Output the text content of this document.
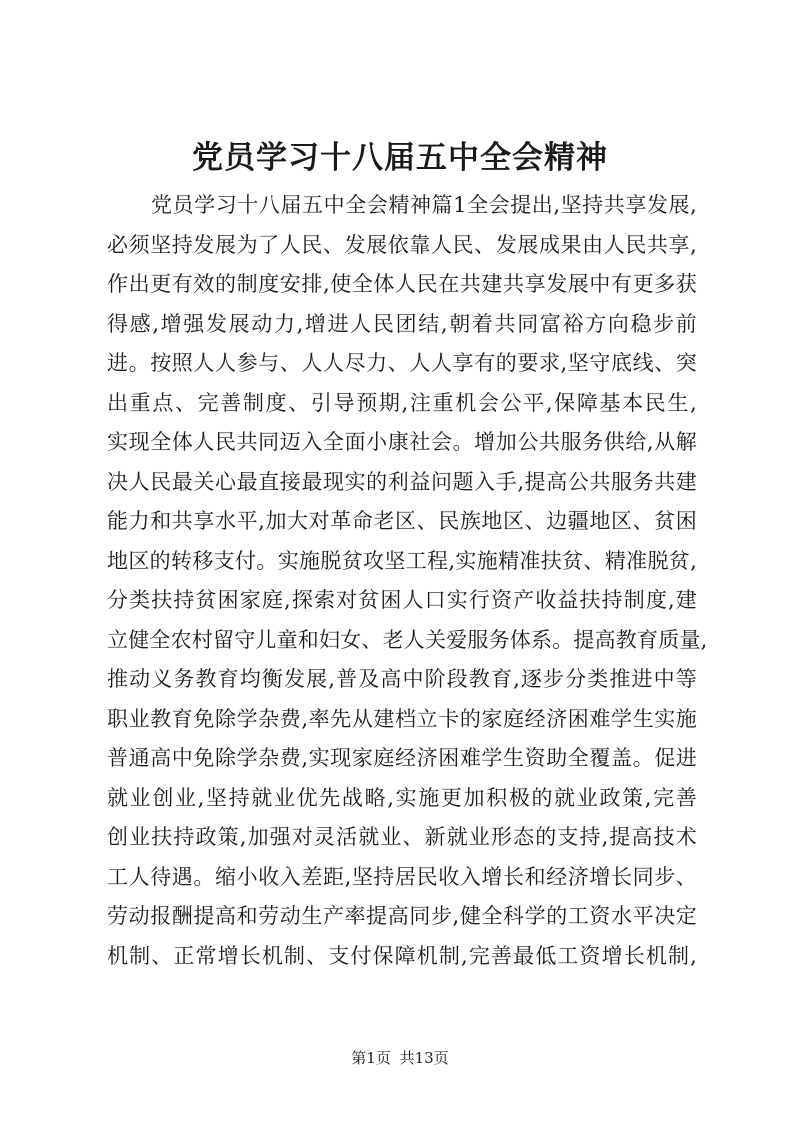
党员学习十八届五中全会精神
党员学习十八届五中全会精神篇1全会提出,坚持共享发展,
必须坚持发展为了人民、发展依靠人民、发展成果由人民共享,
作出更有效的制度安排,使全体人民在共建共享发展中有更多获
得感,增强发展动力,增进人民团结,朝着共同富裕方向稳步前
进。按照人人参与、人人尽力、人人享有的要求,坚守底线、突
出重点、完善制度、引导预期,注重机会公平,保障基本民生,
实现全体人民共同迈入全面小康社会。增加公共服务供给,从解
决人民最关心最直接最现实的利益问题入手,提高公共服务共建
能力和共享水平,加大对革命老区、民族地区、边疆地区、贫困
地区的转移支付。实施脱贫攻坚工程,实施精准扶贫、精准脱贫,
分类扶持贫困家庭,探索对贫困人口实行资产收益扶持制度,建
立健全农村留守儿童和妇女、老人关爱服务体系。提高教育质量,
推动义务教育均衡发展,普及高中阶段教育,逐步分类推进中等
职业教育免除学杂费,率先从建档立卡的家庭经济困难学生实施
普通高中免除学杂费,实现家庭经济困难学生资助全覆盖。促进
就业创业,坚持就业优先战略,实施更加积极的就业政策,完善
创业扶持政策,加强对灵活就业、新就业形态的支持,提高技术
工人待遇。缩小收入差距,坚持居民收入增长和经济增长同步、
劳动报酬提高和劳动生产率提高同步,健全科学的工资水平决定
机制、正常增长机制、支付保障机制,完善最低工资增长机制,
第1页 共13页
